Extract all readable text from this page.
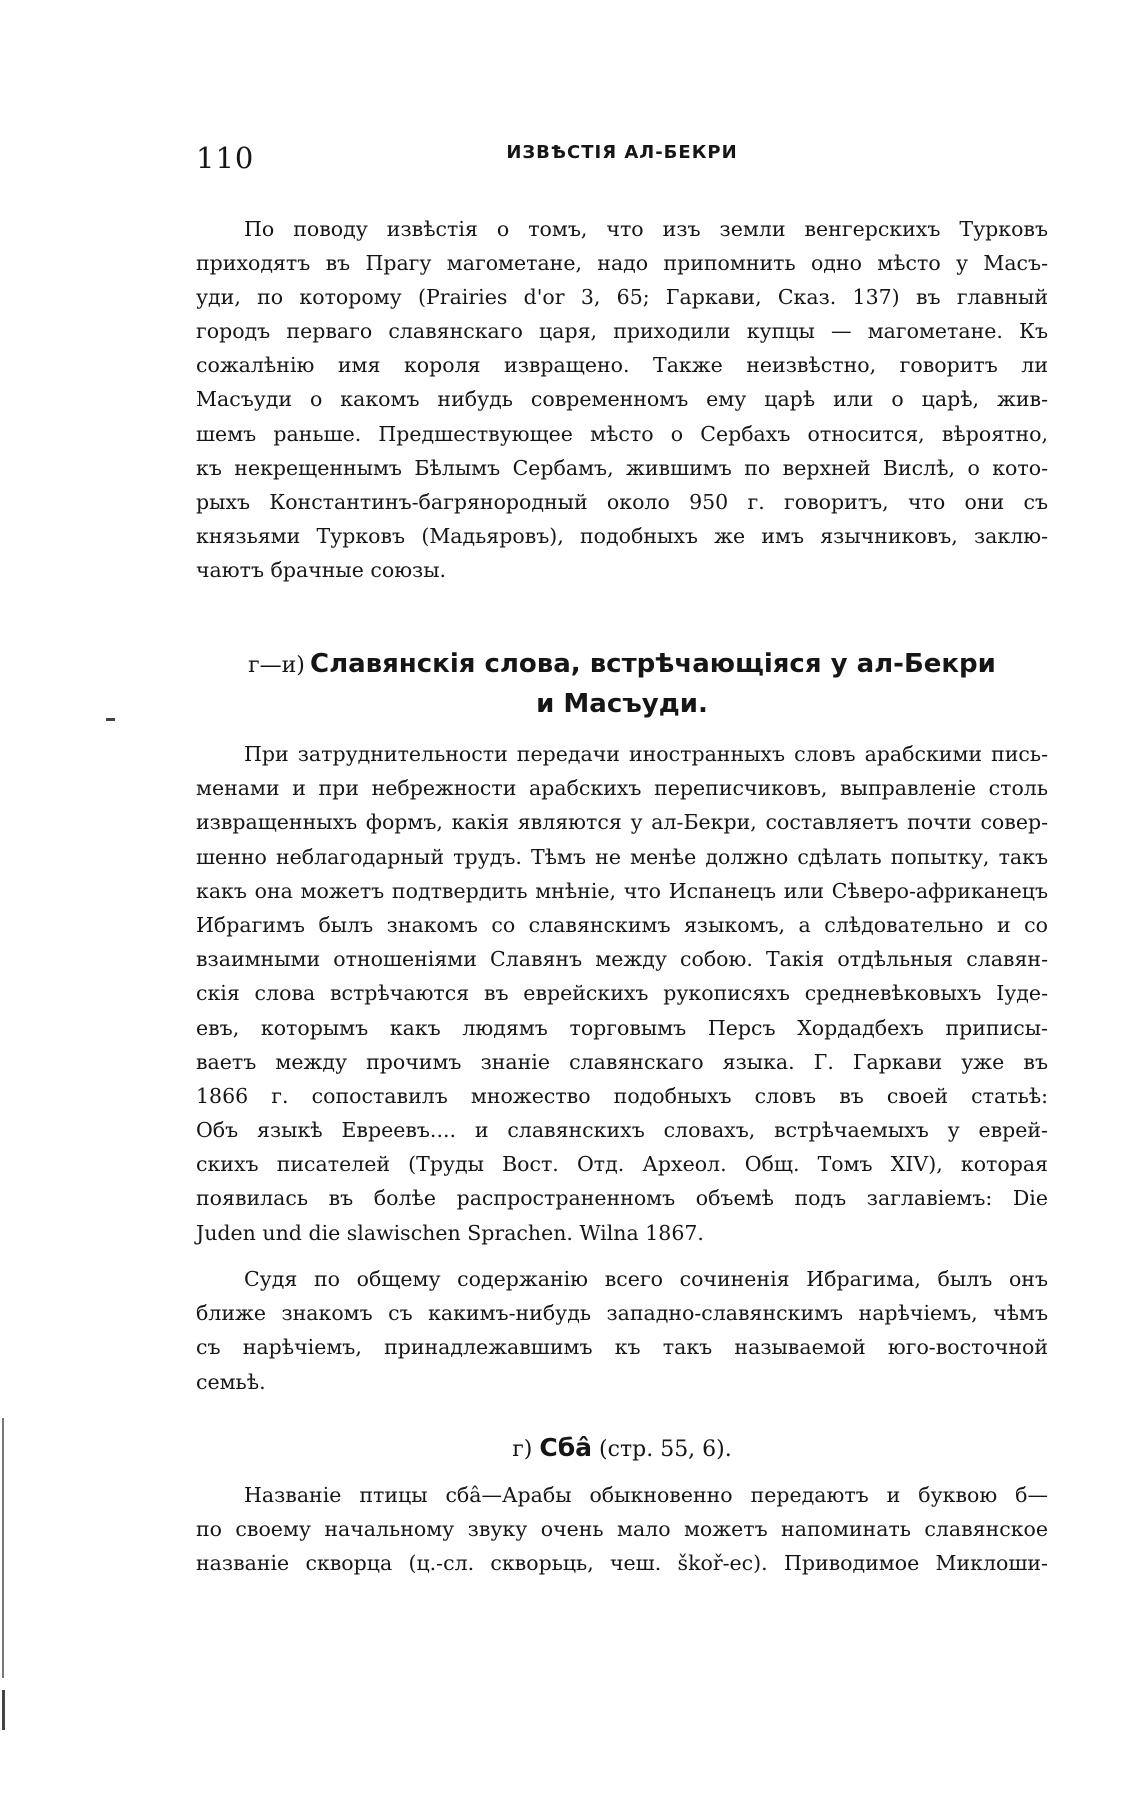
110	ИЗВѢСТІЯ АЛ-БЕКРИ
По поводу извѣстія о томъ, что изъ земли венгерскихъ Турковъ
приходятъ въ Прагу магометане, надо припомнить одно мѣсто у Масъ-
уди, по которому (Prairies d'or 3, 65; Гаркави, Сказ. 137) въ главный
городъ перваго славянскаго царя, приходили купцы — магометане. Къ
сожалѣнію имя короля извращено. Также неизвѣстно, говоритъ ли
Масъуди о какомъ нибудь современномъ ему царѣ или о царѣ, жив-
шемъ раньше. Предшествующее мѣсто о Сербахъ относится, вѣроятно,
къ некрещеннымъ Бѣлымъ Сербамъ, жившимъ по верхней Вислѣ, о кото-
рыхъ Константинъ-багрянородный около 950 г. говоритъ, что они съ
князьями Турковъ (Мадьяровъ), подобныхъ же имъ язычниковъ, заклю-
чаютъ брачные союзы.
г—и) Славянскія слова, встрѣчающіяся у ал-Бекри
и Масъуди.
При затруднительности передачи иностранныхъ словъ арабскими пись-
менами и при небрежности арабскихъ переписчиковъ, выправленіе столь
извращенныхъ формъ, какія являются у ал-Бекри, составляетъ почти совер-
шенно неблагодарный трудъ. Тѣмъ не менѣе должно сдѣлать попытку, такъ
какъ она можетъ подтвердить мнѣніе, что Испанецъ или Сѣверо-африканецъ
Ибрагимъ былъ знакомъ со славянскимъ языкомъ, а слѣдовательно и со
взаимными отношеніями Славянъ между собою. Такія отдѣльныя славян-
скія слова встрѣчаются въ еврейскихъ рукописяхъ средневѣковыхъ Іуде-
евъ, которымъ какъ людямъ торговымъ Персъ Хордадбехъ приписы-
ваетъ между прочимъ знаніе славянскаго языка. Г. Гаркави уже въ
1866 г. сопоставилъ множество подобныхъ словъ въ своей статьѣ:
Объ языкѣ Евреевъ.... и славянскихъ словахъ, встрѣчаемыхъ у еврей-
скихъ писателей (Труды Вост. Отд. Археол. Общ. Томъ XIV), которая
появилась въ болѣе распространенномъ объемѣ подъ заглавіемъ: Die
Juden und die slawischen Sprachen. Wilna 1867.
Судя по общему содержанію всего сочиненія Ибрагима, былъ онъ
ближе знакомъ съ какимъ-нибудь западно-славянскимъ нарѣчіемъ, чѣмъ
съ нарѣчіемъ, принадлежавшимъ къ такъ называемой юго-восточной
семьѣ.
г) Сбâ (стр. 55, 6).
Названіе птицы сбâ—Арабы обыкновенно передаютъ и буквою б—
по своему начальному звуку очень мало можетъ напоминать славянское
названіе скворца (ц.-сл. скворьць, чеш. škoř-ec). Приводимое Миклоши-
